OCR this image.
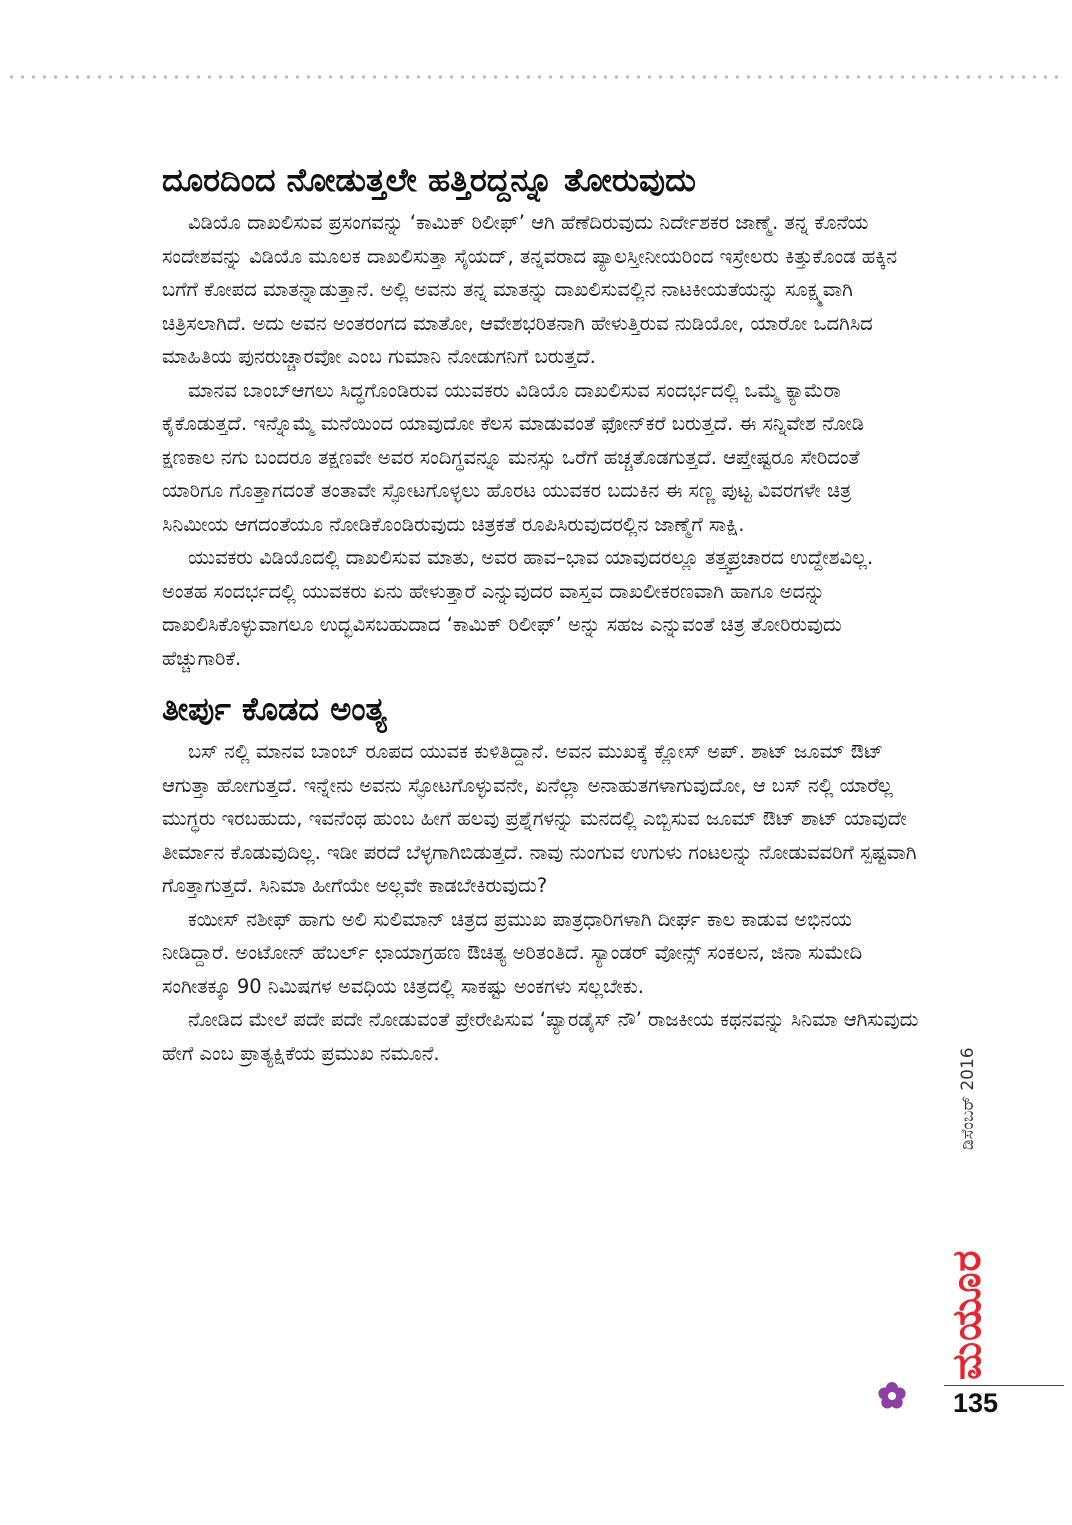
ದೂರದಿಂದ ನೋಡುತ್ತಲೇ ಹತ್ತಿರದ್ದನ್ನೂ ತೋರುವುದು

ವಿಡಿಯೊ ದಾಖಲಿಸುವ ಪ್ರಸಂಗವನ್ನು ‘ಕಾಮಿಕ್ ರಿಲೀಫ್’ ಆಗಿ ಹೆಣೆದಿರುವುದು ನಿರ್ದೇಶಕರ ಜಾಣ್ಮೆ. ತನ್ನ ಕೊನೆಯ ಸಂದೇಶವನ್ನು ವಿಡಿಯೊ ಮೂಲಕ ದಾಖಲಿಸುತ್ತಾ ಸೈಯದ್, ತನ್ನವರಾದ ಪ್ಯಾಲಸ್ತೀನೀಯರಿಂದ ಇಸ್ರೇಲರು ಕಿತ್ತುಕೊಂಡ ಹಕ್ಕಿನ ಬಗೆಗೆ ಕೋಪದ ಮಾತನ್ನಾಡುತ್ತಾನೆ. ಅಲ್ಲಿ ಅವನು ತನ್ನ ಮಾತನ್ನು ದಾಖಲಿಸುವಲ್ಲಿನ ನಾಟಕೀಯತೆಯನ್ನು ಸೂಕ್ಷ್ಮವಾಗಿ ಚಿತ್ರಿಸಲಾಗಿದೆ. ಅದು ಅವನ ಅಂತರಂಗದ ಮಾತೋ, ಆವೇಶಭರಿತನಾಗಿ ಹೇಳುತ್ತಿರುವ ನುಡಿಯೋ, ಯಾರೋ ಒದಗಿಸಿದ ಮಾಹಿತಿಯ ಪುನರುಚ್ಚಾರವೋ ಎಂಬ ಗುಮಾನಿ ನೋಡುಗನಿಗೆ ಬರುತ್ತದೆ.

ಮಾನವ ಬಾಂಬ್‌ಆಗಲು ಸಿದ್ಧಗೊಂಡಿರುವ ಯುವಕರು ವಿಡಿಯೊ ದಾಖಲಿಸುವ ಸಂದರ್ಭದಲ್ಲಿ ಒಮ್ಮೆ ಕ್ಯಾಮೆರಾ ಕೈಕೊಡುತ್ತದೆ. ಇನ್ನೊಮ್ಮೆ ಮನೆಯಿಂದ ಯಾವುದೋ ಕೆಲಸ ಮಾಡುವಂತೆ ಫೋನ್‌ಕರೆ ಬರುತ್ತದೆ. ಈ ಸನ್ನಿವೇಶ ನೋಡಿ ಕ್ಷಣಕಾಲ ನಗು ಬಂದರೂ ತಕ್ಷಣವೇ ಅವರ ಸಂದಿಗ್ಧವನ್ನೂ ಮನಸ್ಸು ಒರೆಗೆ ಹಚ್ಚತೊಡಗುತ್ತದೆ. ಆಪ್ತೇಷ್ಟರೂ ಸೇರಿದಂತೆ ಯಾರಿಗೂ ಗೊತ್ತಾಗದಂತೆ ತಂತಾವೇ ಸ್ಫೋಟಗೊಳ್ಳಲು ಹೊರಟ ಯುವಕರ ಬದುಕಿನ ಈ ಸಣ್ಣ ಪುಟ್ಟ ವಿವರಗಳೇ ಚಿತ್ರ ಸಿನಿಮೀಯ ಆಗದಂತೆಯೂ ನೋಡಿಕೊಂಡಿರುವುದು ಚಿತ್ರಕತೆ ರೂಪಿಸಿರುವುದರಲ್ಲಿನ ಜಾಣ್ಮೆಗೆ ಸಾಕ್ಷಿ.

ಯುವಕರು ವಿಡಿಯೊದಲ್ಲಿ ದಾಖಲಿಸುವ ಮಾತು, ಅವರ ಹಾವ–ಭಾವ ಯಾವುದರಲ್ಲೂ ತತ್ತ್ವಪ್ರಚಾರದ ಉದ್ದೇಶವಿಲ್ಲ. ಅಂತಹ ಸಂದರ್ಭದಲ್ಲಿ ಯುವಕರು ಏನು ಹೇಳುತ್ತಾರೆ ಎನ್ನುವುದರ ವಾಸ್ತವ ದಾಖಲೀಕರಣವಾಗಿ ಹಾಗೂ ಅದನ್ನು ದಾಖಲಿಸಿಕೊಳ್ಳುವಾಗಲೂ ಉದ್ಭವಿಸಬಹುದಾದ ‘ಕಾಮಿಕ್ ರಿಲೀಫ್’ ಅನ್ನು ಸಹಜ ಎನ್ನುವಂತೆ ಚಿತ್ರ ತೋರಿರುವುದು ಹೆಚ್ಚುಗಾರಿಕೆ.

ತೀರ್ಪು ಕೊಡದ ಅಂತ್ಯ

ಬಸ್ ನಲ್ಲಿ ಮಾನವ ಬಾಂಬ್ ರೂಪದ ಯುವಕ ಕುಳಿತಿದ್ದಾನೆ. ಅವನ ಮುಖಕ್ಕೆ ಕ್ಲೋಸ್ ಅಪ್. ಶಾಟ್ ಜೂಮ್ ಔಟ್ ಆಗುತ್ತಾ ಹೋಗುತ್ತದೆ. ಇನ್ನೇನು ಅವನು ಸ್ಫೋಟಗೊಳ್ಳುವನೇ, ಏನೆಲ್ಲಾ ಅನಾಹುತಗಳಾಗುವುದೋ, ಆ ಬಸ್ ನಲ್ಲಿ ಯಾರೆಲ್ಲ ಮುಗ್ಧರು ಇರಬಹುದು, ಇವನೆಂಥ ಹುಂಬ ಹೀಗೆ ಹಲವು ಪ್ರಶ್ನೆಗಳನ್ನು ಮನದಲ್ಲಿ ಎಬ್ಬಿಸುವ ಜೂಮ್ ಔಟ್ ಶಾಟ್ ಯಾವುದೇ ತೀರ್ಮಾನ ಕೊಡುವುದಿಲ್ಲ. ಇಡೀ ಪರದೆ ಬೆಳ್ಳಗಾಗಿಬಿಡುತ್ತದೆ. ನಾವು ನುಂಗುವ ಉಗುಳು ಗಂಟಲನ್ನು ನೋಡುವವರಿಗೆ ಸ್ಪಷ್ಟವಾಗಿ ಗೊತ್ತಾಗುತ್ತದೆ. ಸಿನಿಮಾ ಹೀಗೆಯೇ ಅಲ್ಲವೇ ಕಾಡಬೇಕಿರುವುದು?

ಕಯೀಸ್ ನಶೀಫ್ ಹಾಗು ಅಲಿ ಸುಲಿಮಾನ್ ಚಿತ್ರದ ಪ್ರಮುಖ ಪಾತ್ರಧಾರಿಗಳಾಗಿ ದೀರ್ಘ ಕಾಲ ಕಾಡುವ ಅಭಿನಯ ನೀಡಿದ್ದಾರೆ. ಅಂಟೋನ್ ಹೆಬರ್ಲ್ ಛಾಯಾಗ್ರಹಣ ಔಚಿತ್ಯ ಅರಿತಂತಿದೆ. ಸ್ಯಾಂಡರ್ ವೋನ್ಸ್ ಸಂಕಲನ, ಜಿನಾ ಸುಮೇದಿ ಸಂಗೀತಕ್ಕೂ 90 ನಿಮಿಷಗಳ ಅವಧಿಯ ಚಿತ್ರದಲ್ಲಿ ಸಾಕಷ್ಟು ಅಂಕಗಳು ಸಲ್ಲಬೇಕು.

ನೋಡಿದ ಮೇಲೆ ಪದೇ ಪದೇ ನೋಡುವಂತೆ ಪ್ರೇರೇಪಿಸುವ ‘ಪ್ಯಾರಡೈಸ್ ನೌ’ ರಾಜಕೀಯ ಕಥನವನ್ನು ಸಿನಿಮಾ ಆಗಿಸುವುದು ಹೇಗೆ ಎಂಬ ಪ್ರಾತ್ಯಕ್ಷಿಕೆಯ ಪ್ರಮುಖ ನಮೂನೆ.	ಡಿಸೆಂಬರ್ 2016
ಮಯೂರ
135
